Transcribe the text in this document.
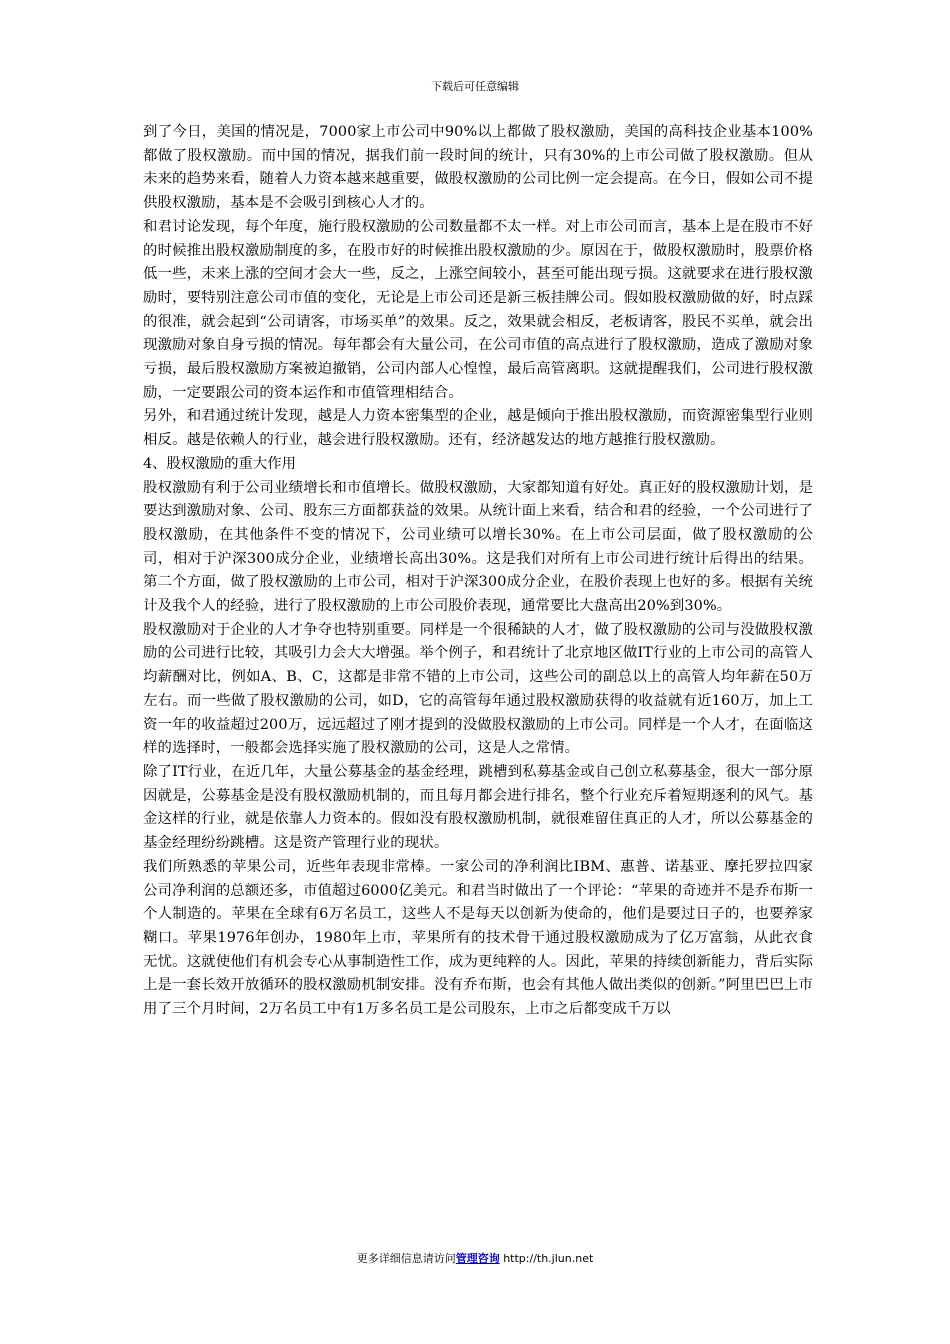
下载后可任意编辑

到了今日，美国的情况是，7000家上市公司中90%以上都做了股权激励，美国的高科技企业基本100%都做了股权激励。而中国的情况，据我们前一段时间的统计，只有30%的上市公司做了股权激励。但从未来的趋势来看，随着人力资本越来越重要，做股权激励的公司比例一定会提高。在今日，假如公司不提供股权激励，基本是不会吸引到核心人才的。

和君讨论发现，每个年度，施行股权激励的公司数量都不太一样。对上市公司而言，基本上是在股市不好的时候推出股权激励制度的多，在股市好的时候推出股权激励的少。原因在于，做股权激励时，股票价格低一些，未来上涨的空间才会大一些，反之，上涨空间较小，甚至可能出现亏损。这就要求在进行股权激励时，要特别注意公司市值的变化，无论是上市公司还是新三板挂牌公司。假如股权激励做的好，时点踩的很准，就会起到“公司请客，市场买单”的效果。反之，效果就会相反，老板请客，股民不买单，就会出现激励对象自身亏损的情况。每年都会有大量公司，在公司市值的高点进行了股权激励，造成了激励对象亏损，最后股权激励方案被迫撤销，公司内部人心惶惶，最后高管离职。这就提醒我们，公司进行股权激励，一定要跟公司的资本运作和市值管理相结合。

另外，和君通过统计发现，越是人力资本密集型的企业，越是倾向于推出股权激励，而资源密集型行业则相反。越是依赖人的行业，越会进行股权激励。还有，经济越发达的地方越推行股权激励。

4、股权激励的重大作用

股权激励有利于公司业绩增长和市值增长。做股权激励，大家都知道有好处。真正好的股权激励计划，是要达到激励对象、公司、股东三方面都获益的效果。从统计面上来看，结合和君的经验，一个公司进行了股权激励，在其他条件不变的情况下，公司业绩可以增长30%。在上市公司层面，做了股权激励的公司，相对于沪深300成分企业，业绩增长高出30%。这是我们对所有上市公司进行统计后得出的结果。第二个方面，做了股权激励的上市公司，相对于沪深300成分企业，在股价表现上也好的多。根据有关统计及我个人的经验，进行了股权激励的上市公司股价表现，通常要比大盘高出20%到30%。

股权激励对于企业的人才争夺也特别重要。同样是一个很稀缺的人才，做了股权激励的公司与没做股权激励的公司进行比较，其吸引力会大大增强。举个例子，和君统计了北京地区做IT行业的上市公司的高管人均薪酬对比，例如A、B、C，这都是非常不错的上市公司，这些公司的副总以上的高管人均年薪在50万左右。而一些做了股权激励的公司，如D，它的高管每年通过股权激励获得的收益就有近160万，加上工资一年的收益超过200万，远远超过了刚才提到的没做股权激励的上市公司。同样是一个人才，在面临这样的选择时，一般都会选择实施了股权激励的公司，这是人之常情。

除了IT行业，在近几年，大量公募基金的基金经理，跳槽到私募基金或自己创立私募基金，很大一部分原因就是，公募基金是没有股权激励机制的，而且每月都会进行排名，整个行业充斥着短期逐利的风气。基金这样的行业，就是依靠人力资本的。假如没有股权激励机制，就很难留住真正的人才，所以公募基金的基金经理纷纷跳槽。这是资产管理行业的现状。

我们所熟悉的苹果公司，近些年表现非常棒。一家公司的净利润比IBM、惠普、诺基亚、摩托罗拉四家公司净利润的总额还多，市值超过6000亿美元。和君当时做出了一个评论：“苹果的奇迹并不是乔布斯一个人制造的。苹果在全球有6万名员工，这些人不是每天以创新为使命的，他们是要过日子的，也要养家糊口。苹果1976年创办，1980年上市，苹果所有的技术骨干通过股权激励成为了亿万富翁，从此衣食无忧。这就使他们有机会专心从事制造性工作，成为更纯粹的人。因此，苹果的持续创新能力，背后实际上是一套长效开放循环的股权激励机制安排。没有乔布斯，也会有其他人做出类似的创新。”阿里巴巴上市用了三个月时间，2万名员工中有1万多名员工是公司股东，上市之后都变成千万以

更多详细信息请访问管理咨询 http://th.jlun.net
